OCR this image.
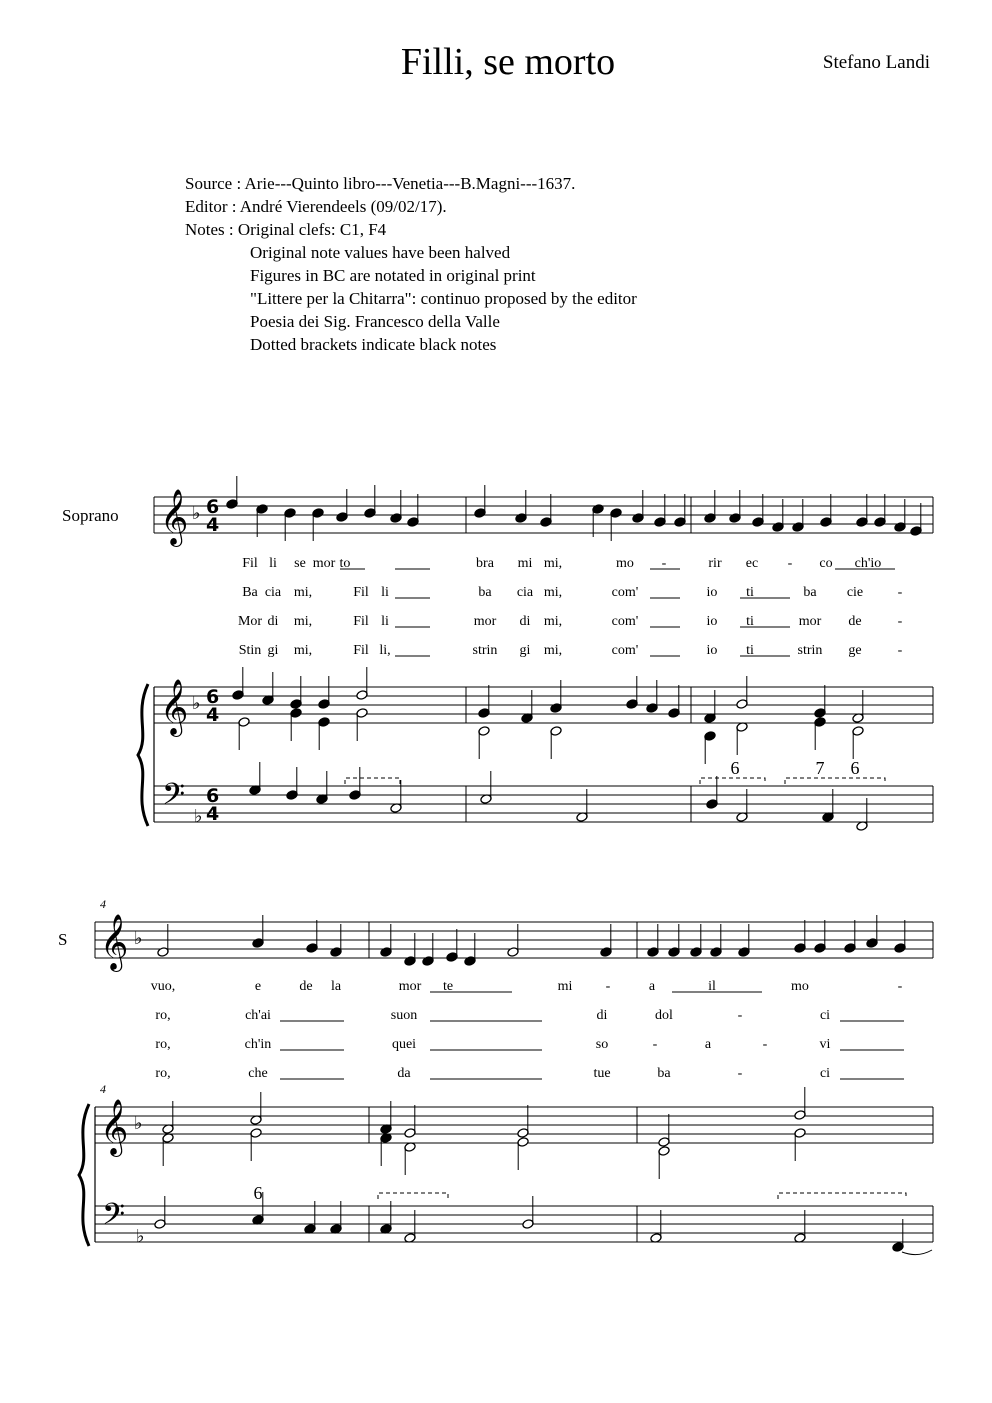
Filli, se morto	Stefano Landi
Source : Arie---Quinto libro---Venetia---B.Magni---1637.
Editor : André Vierendeels (09/02/17).
Notes : Original clefs: C1, F4
Original note values have been halved
Figures in BC are notated in original print
"Littere per la Chitarra": continuo proposed by the editor
Poesia dei Sig. Francesco della Valle
Dotted brackets indicate black notes
Soprano
S
𝄞
𝄞
𝄢
♭
♭
♭
6
4
6
4
6
4
6	7 6
Fil li se mor to	bra mi mi,	mo -	rir ec - co ch'io
Ba cia mi,	Fil li	ba cia mi,	com'	io ti	ba cie -
Mor di mi,	Fil li	mor di mi,	com'	io ti	mor de	-
Stin gi mi,	Fil li,	strin gi mi,	com'	io ti	strin ge	-
𝄞
𝄞
𝄢
♭
♭
♭
4
4
6
vuo,	e	de la	mor te	mi -	a	il	mo	-
ro,	ch'ai	suon	di	dol	-	ci
ro,	ch'in	quei	so	-	a	-	vi
ro,	che	da	tue	ba	-	ci
